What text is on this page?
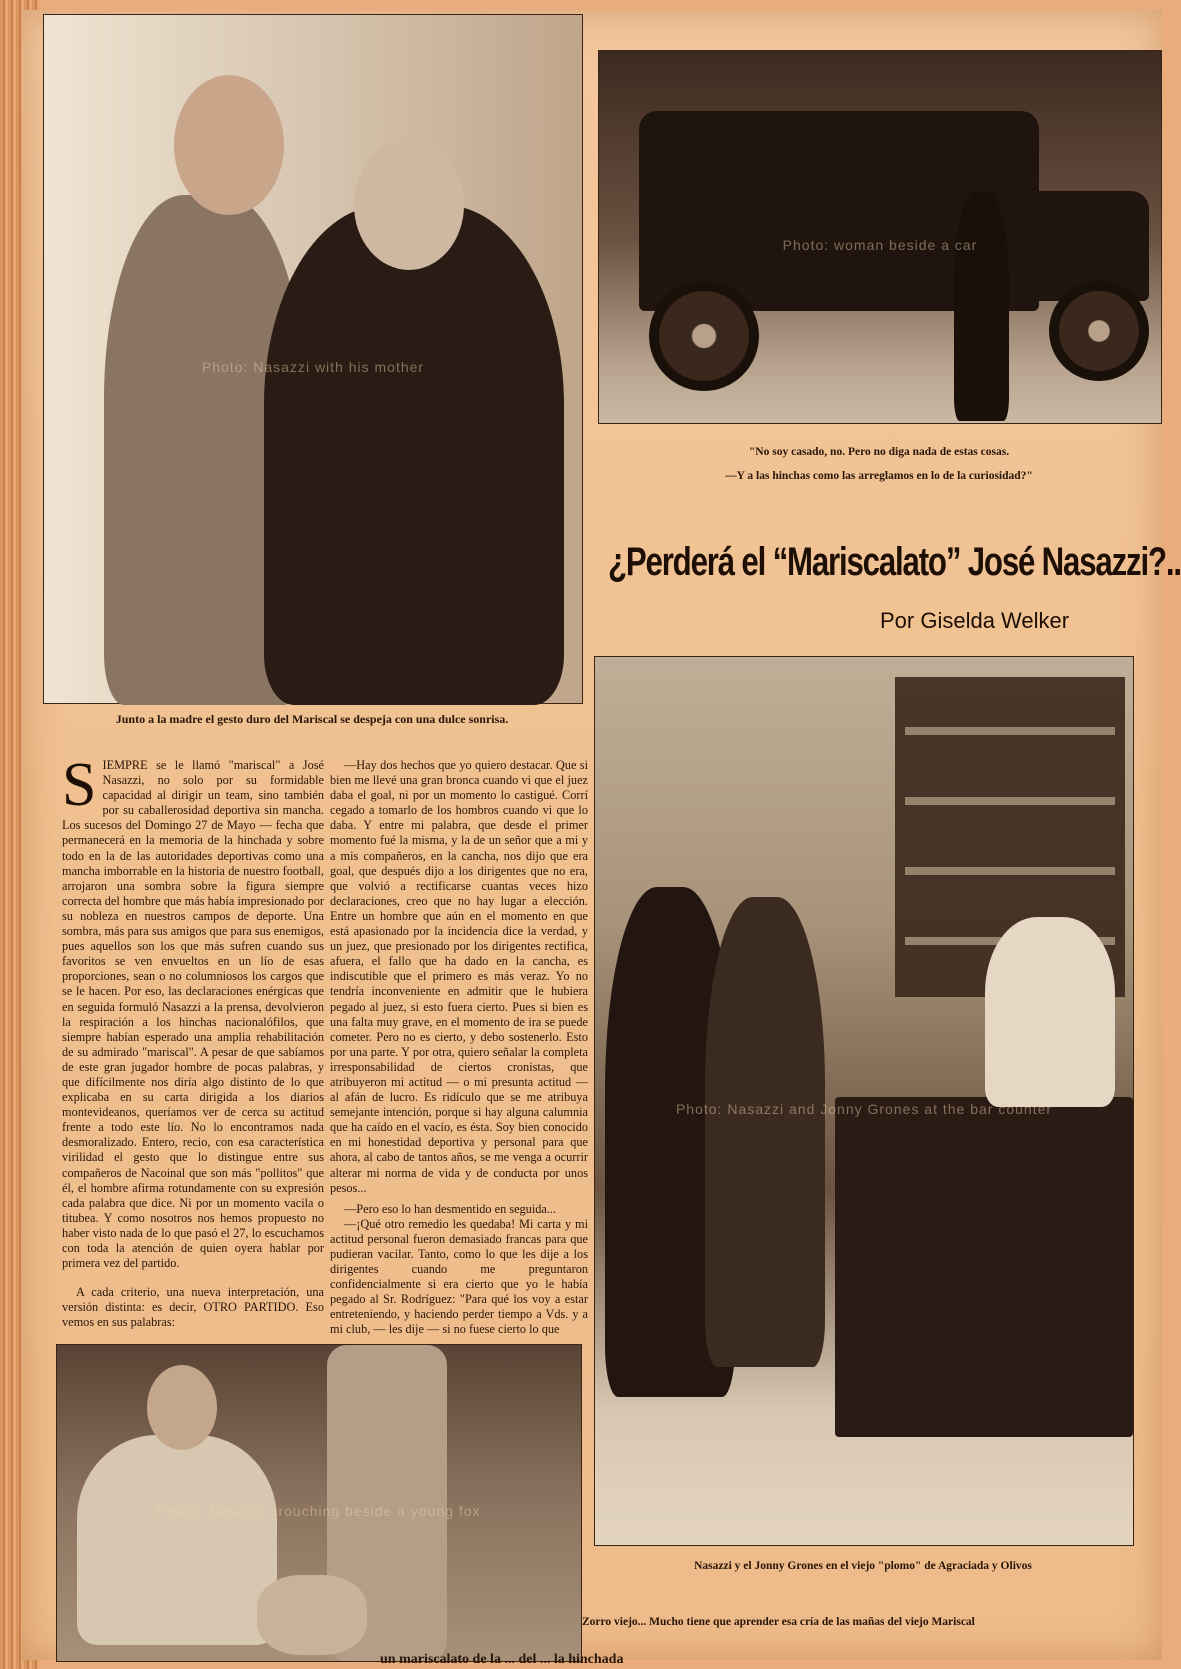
Photo: Nasazzi with his mother
Junto a la madre el gesto duro del Mariscal se despeja con una dulce sonrisa.
Photo: woman beside a car
"No soy casado, no. Pero no diga nada de estas cosas.
—Y a las hinchas como las arreglamos en lo de la curiosidad?"
¿Perderá el “Mariscalato” José Nasazzi?..
Por Giselda Welker
Photo: Nasazzi and Jonny Grones at the bar counter
Nasazzi y el Jonny Grones en el viejo "plomo" de Agraciada y Olivos
S IEMPRE se le llamó "mariscal" a José Nasazzi, no solo por su formidable capacidad al dirigir un team, sino también por su caballerosidad deportiva sin mancha. Los sucesos del Domingo 27 de Mayo — fecha que permanecerá en la memoria de la hinchada y sobre todo en la de las autoridades deportivas como una mancha imborrable en la historia de nuestro football, arrojaron una sombra sobre la figura siempre correcta del hombre que más había impresionado por su nobleza en nuestros campos de deporte. Una sombra, más para sus amigos que para sus enemigos, pues aquellos son los que más sufren cuando sus favoritos se ven envueltos en un lío de esas proporciones, sean o no columniosos los cargos que se le hacen. Por eso, las declaraciones enérgicas que en seguida formuló Nasazzi a la prensa, devolvieron la respiración a los hinchas nacionalófilos, que siempre habían esperado una amplia rehabilitación de su admirado "mariscal". A pesar de que sabíamos de este gran jugador hombre de pocas palabras, y que difícilmente nos diría algo distinto de lo que explicaba en su carta dirigida a los diarios montevideanos, queríamos ver de cerca su actitud frente a todo este lío. No lo encontramos nada desmoralizado. Entero, recio, con esa característica virilidad el gesto que lo distingue entre sus compañeros de Nacoinal que son más "pollitos" que él, el hombre afirma rotundamente con su expresión cada palabra que dice. Ni por un momento vacila o titubea. Y como nosotros nos hemos propuesto no haber visto nada de lo que pasó el 27, lo escuchamos con toda la atención de quien oyera hablar por primera vez del partido.

A cada criterio, una nueva interpretación, una versión distinta: es decir, OTRO PARTIDO. Eso vemos en sus palabras:

—Hay dos hechos que yo quiero destacar. Que si bien me llevé una gran bronca cuando vi que el juez daba el goal, ni por un momento lo castigué. Corrí cegado a tomarlo de los hombros cuando vi que lo daba. Y entre mi palabra, que desde el primer momento fué la misma, y la de un señor que a mi y a mis compañeros, en la cancha, nos dijo que era goal, que después dijo a los dirigentes que no era, que volvió a rectificarse cuantas veces hizo declaraciones, creo que no hay lugar a elección. Entre un hombre que aún en el momento en que está apasionado por la incidencia dice la verdad, y un juez, que presionado por los dirigentes rectifica, afuera, el fallo que ha dado en la cancha, es indiscutible que el primero es más veraz. Yo no tendría inconveniente en admitir que le hubiera pegado al juez, si esto fuera cierto. Pues si bien es una falta muy grave, en el momento de ira se puede cometer. Pero no es cierto, y debo sostenerlo. Esto por una parte. Y por otra, quiero señalar la completa irresponsabilidad de ciertos cronistas, que atribuyeron mi actitud — o mi presunta actitud — al afán de lucro. Es ridículo que se me atribuya semejante intención, porque si hay alguna calumnia que ha caído en el vacío, es ésta. Soy bien conocido en mi honestidad deportiva y personal para que ahora, al cabo de tantos años, se me venga a ocurrir alterar mi norma de vida y de conducta por unos pesos...

—Pero eso lo han desmentido en seguida...

—¡Qué otro remedio les quedaba! Mi carta y mi actitud personal fueron demasiado francas para que pudieran vacilar. Tanto, como lo que les dije a los dirigentes cuando me preguntaron confidencialmente si era cierto que yo le había pegado al Sr. Rodríguez: "Para qué los voy a estar entreteniendo, y haciendo perder tiempo a Vds. y a mi club, — les dije — si no fuese cierto lo que

Photo: Nasazzi crouching beside a young fox
Zorro viejo... Mucho tiene que aprender esa cría de las mañas del viejo Mariscal
un mariscalato de la ... del ... la hinchada
